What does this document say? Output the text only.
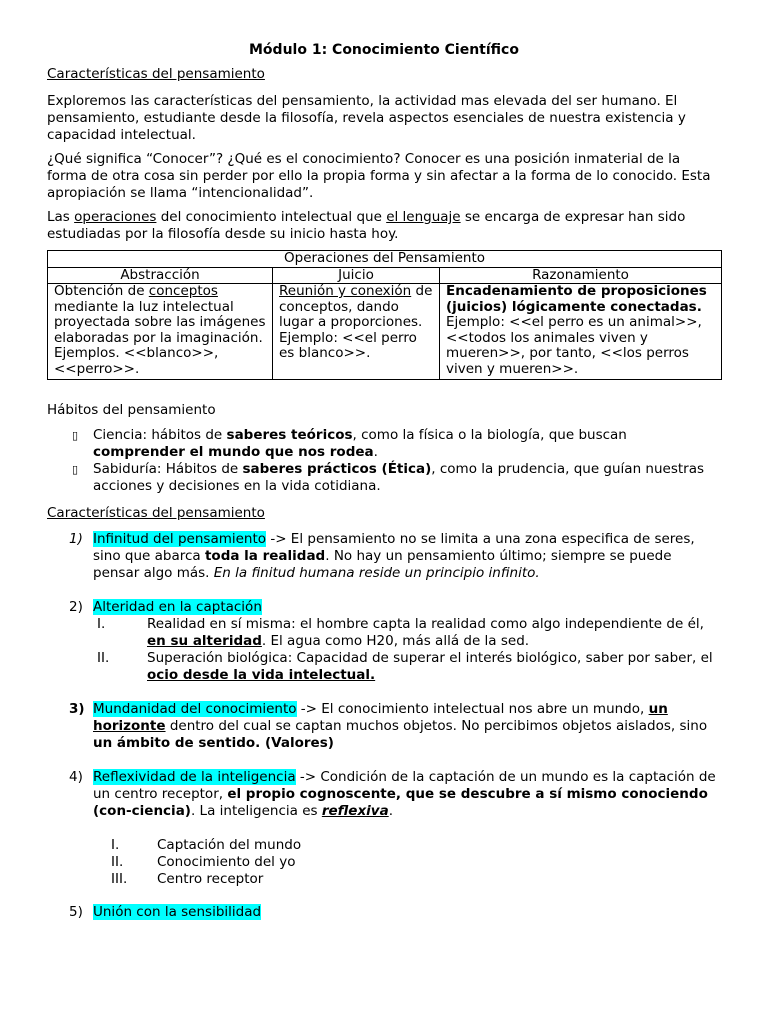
Módulo 1: Conocimiento Científico
Características del pensamiento

Exploremos las características del pensamiento, la actividad mas elevada del ser humano. El pensamiento, estudiante desde la filosofía, revela aspectos esenciales de nuestra existencia y capacidad intelectual.

¿Qué significa “Conocer”? ¿Qué es el conocimiento? Conocer es una posición inmaterial de la forma de otra cosa sin perder por ello la propia forma y sin afectar a la forma de lo conocido. Esta apropiación se llama “intencionalidad”.

Las operaciones del conocimiento intelectual que el lenguaje se encarga de expresar han sido estudiadas por la filosofía desde su inicio hasta hoy.

Operaciones del Pensamiento		
Abstracción	Juicio	Razonamiento
Obtención de conceptos mediante la luz intelectual proyectada sobre las imágenes elaboradas por la imaginación. Ejemplos. <<blanco>>, <<perro>>.	Reunión y conexión de conceptos, dando lugar a proporciones. Ejemplo: <<el perro es blanco>>.	Encadenamiento de proposiciones (juicios) lógicamente conectadas. Ejemplo: <<el perro es un animal>>, <<todos los animales viven y mueren>>, por tanto, <<los perros viven y mueren>>.
Hábitos del pensamiento
▯ Ciencia: hábitos de saberes teóricos, como la física o la biología, que buscan comprender el mundo que nos rodea.
▯ Sabiduría: Hábitos de saberes prácticos (Ética), como la prudencia, que guían nuestras acciones y decisiones en la vida cotidiana.
Características del pensamiento
1) Infinitud del pensamiento -> El pensamiento no se limita a una zona especifica de seres, sino que abarca toda la realidad. No hay un pensamiento último; siempre se puede pensar algo más. En la finitud humana reside un principio infinito.
2) Alteridad en la captación
I.	Realidad en sí misma: el hombre capta la realidad como algo independiente de él, en su alteridad. El agua como H20, más allá de la sed.
II.	Superación biológica: Capacidad de superar el interés biológico, saber por saber, el ocio desde la vida intelectual.
3) Mundanidad del conocimiento -> El conocimiento intelectual nos abre un mundo, un horizonte dentro del cual se captan muchos objetos. No percibimos objetos aislados, sino un ámbito de sentido. (Valores)
4) Reflexividad de la inteligencia -> Condición de la captación de un mundo es la captación de un centro receptor, el propio cognoscente, que se descubre a sí mismo conociendo (con-ciencia). La inteligencia es reflexiva.
I.	Captación del mundo
II. Conocimiento del yo
III. Centro receptor
5) Unión con la sensibilidad
